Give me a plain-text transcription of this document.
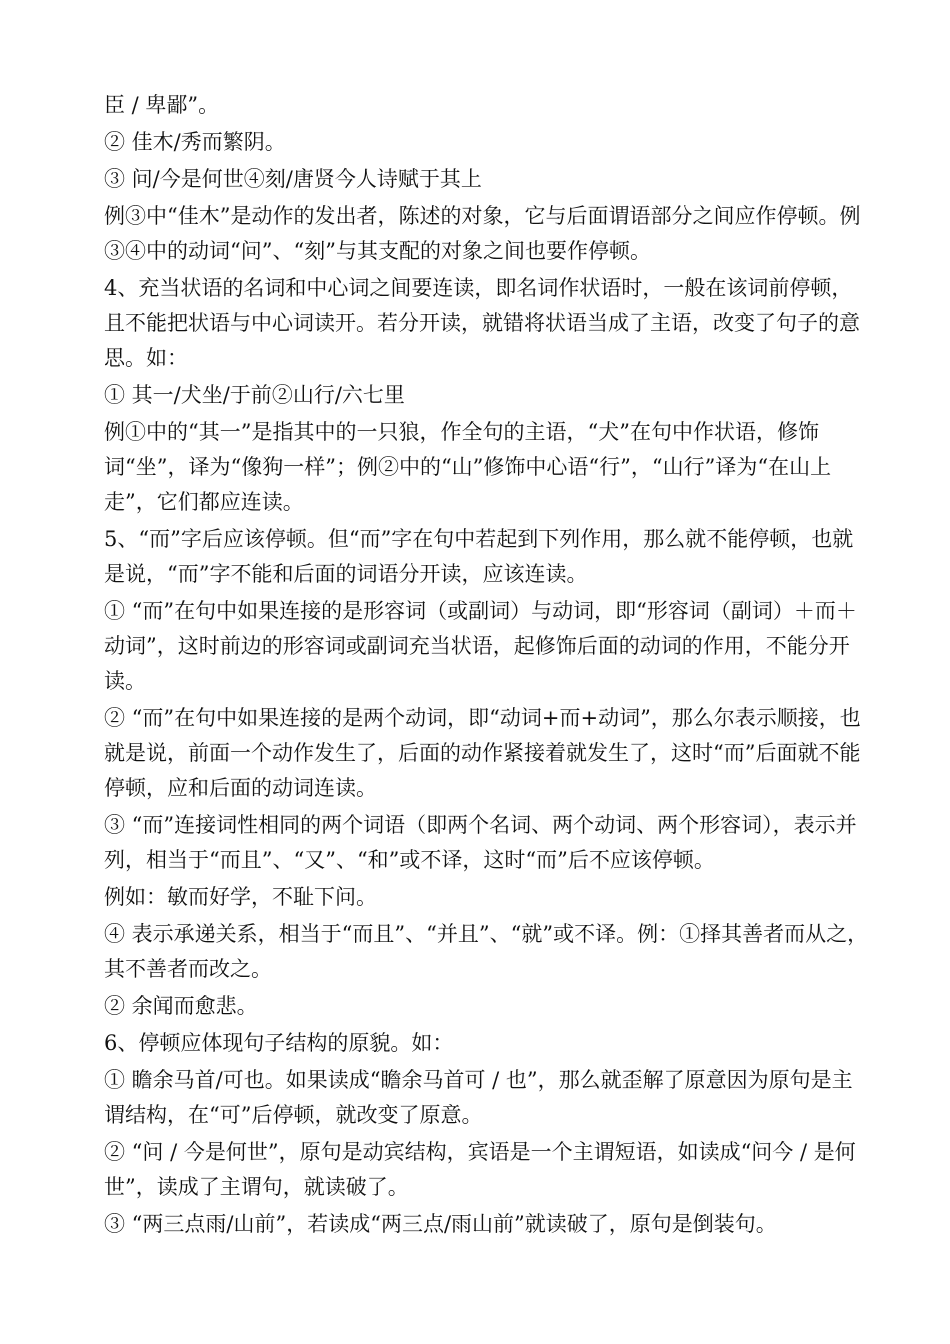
臣 / 卑鄙”。

② 佳木/秀而繁阴。

③ 问/今是何世④刻/唐贤今人诗赋于其上

例③中“佳木”是动作的发出者，陈述的对象，它与后面谓语部分之间应作停顿。例③④中的动词“问”、“刻”与其支配的对象之间也要作停顿。

4、充当状语的名词和中心词之间要连读，即名词作状语时，一般在该词前停顿，且不能把状语与中心词读开。若分开读，就错将状语当成了主语，改变了句子的意思。如：

① 其一/犬坐/于前②山行/六七里

例①中的“其一”是指其中的一只狼，作全句的主语，“犬”在句中作状语，修饰词“坐”，译为“像狗一样”；例②中的“山”修饰中心语“行”，“山行”译为“在山上走”，它们都应连读。

5、“而”字后应该停顿。但“而”字在句中若起到下列作用，那么就不能停顿，也就是说，“而”字不能和后面的词语分开读，应该连读。

① “而”在句中如果连接的是形容词（或副词）与动词，即“形容词（副词）＋而＋动词”，这时前边的形容词或副词充当状语，起修饰后面的动词的作用，不能分开读。

② “而”在句中如果连接的是两个动词，即“动词+而+动词”，那么尔表示顺接，也就是说，前面一个动作发生了，后面的动作紧接着就发生了，这时“而”后面就不能停顿，应和后面的动词连读。

③ “而”连接词性相同的两个词语（即两个名词、两个动词、两个形容词），表示并列，相当于“而且”、“又”、“和”或不译，这时“而”后不应该停顿。

例如：敏而好学，不耻下问。

④ 表示承递关系，相当于“而且”、“并且”、“就”或不译。例：①择其善者而从之，其不善者而改之。

② 余闻而愈悲。

6、停顿应体现句子结构的原貌。如：

① 瞻余马首/可也。如果读成“瞻余马首可 / 也”，那么就歪解了原意因为原句是主谓结构，在“可”后停顿，就改变了原意。

② “问 / 今是何世”，原句是动宾结构，宾语是一个主谓短语，如读成“问今 / 是何世”，读成了主谓句，就读破了。

③ “两三点雨/山前”，若读成“两三点/雨山前”就读破了，原句是倒装句。
